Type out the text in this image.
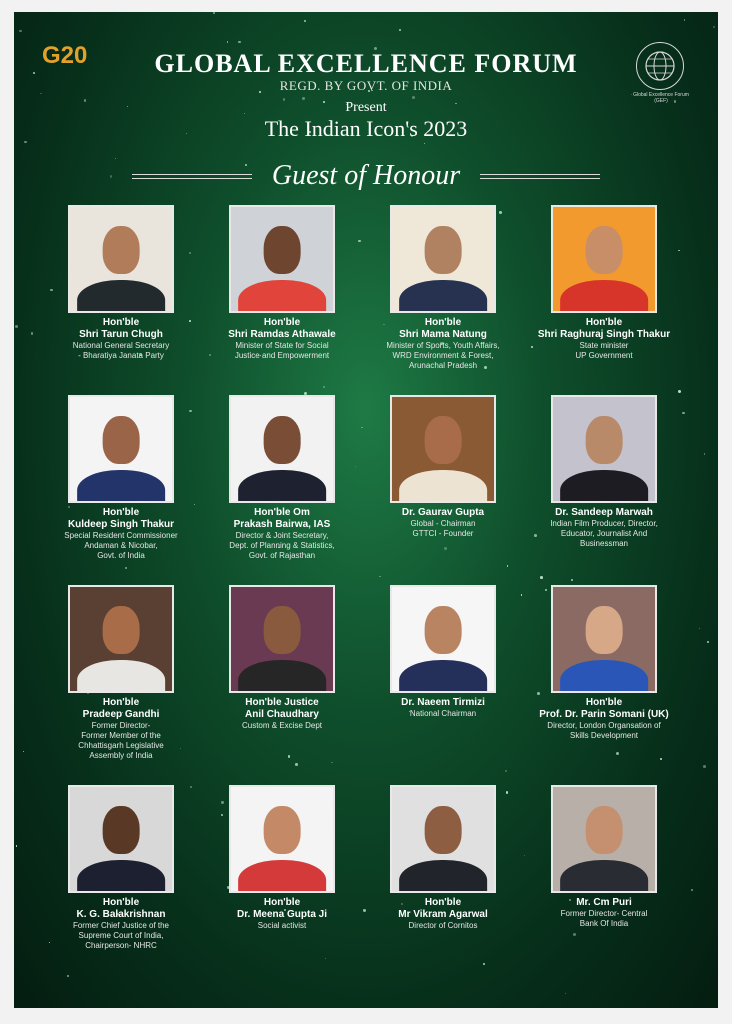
G20
Global Excellence Forum (GEF)
GLOBAL EXCELLENCE FORUM
REGD. BY GOVT. OF INDIA
Present
The Indian Icon's 2023
Guest of Honour
Hon'ble
Shri Tarun Chugh
National General Secretary
- Bharatiya Janata Party
Hon'ble
Shri Ramdas Athawale
Minister of State for Social
Justice and Empowerment
Hon'ble
Shri Mama Natung
Minister of Sports, Youth Affairs,
WRD Environment & Forest,
Arunachal Pradesh
Hon'ble
Shri Raghuraj Singh Thakur
State minister
UP Government
Hon'ble
Kuldeep Singh Thakur
Special Resident Commissioner
Andaman & Nicobar,
Govt. of India
Hon'ble Om
Prakash Bairwa, IAS
Director & Joint Secretary,
Dept. of Planning & Statistics,
Govt. of Rajasthan
Dr. Gaurav Gupta
Global - Chairman
GTTCI - Founder
Dr. Sandeep Marwah
Indian Film Producer, Director,
Educator, Journalist And
Businessman
Hon'ble
Pradeep Gandhi
Former Director-
Former Member of the
Chhattisgarh Legislative
Assembly of India
Hon'ble Justice
Anil Chaudhary
Custom & Excise Dept
Dr. Naeem Tirmizi
National Chairman
Hon'ble
Prof. Dr. Parin Somani (UK)
Director, London Organsation of
Skills Development
Hon'ble
K. G. Balakrishnan
Former Chief Justice of the
Supreme Court of India,
Chairperson- NHRC
Hon'ble
Dr. Meena Gupta Ji
Social activist
Hon'ble
Mr Vikram Agarwal
Director of Cornitos
Mr. Cm Puri
Former Director- Central
Bank Of India
